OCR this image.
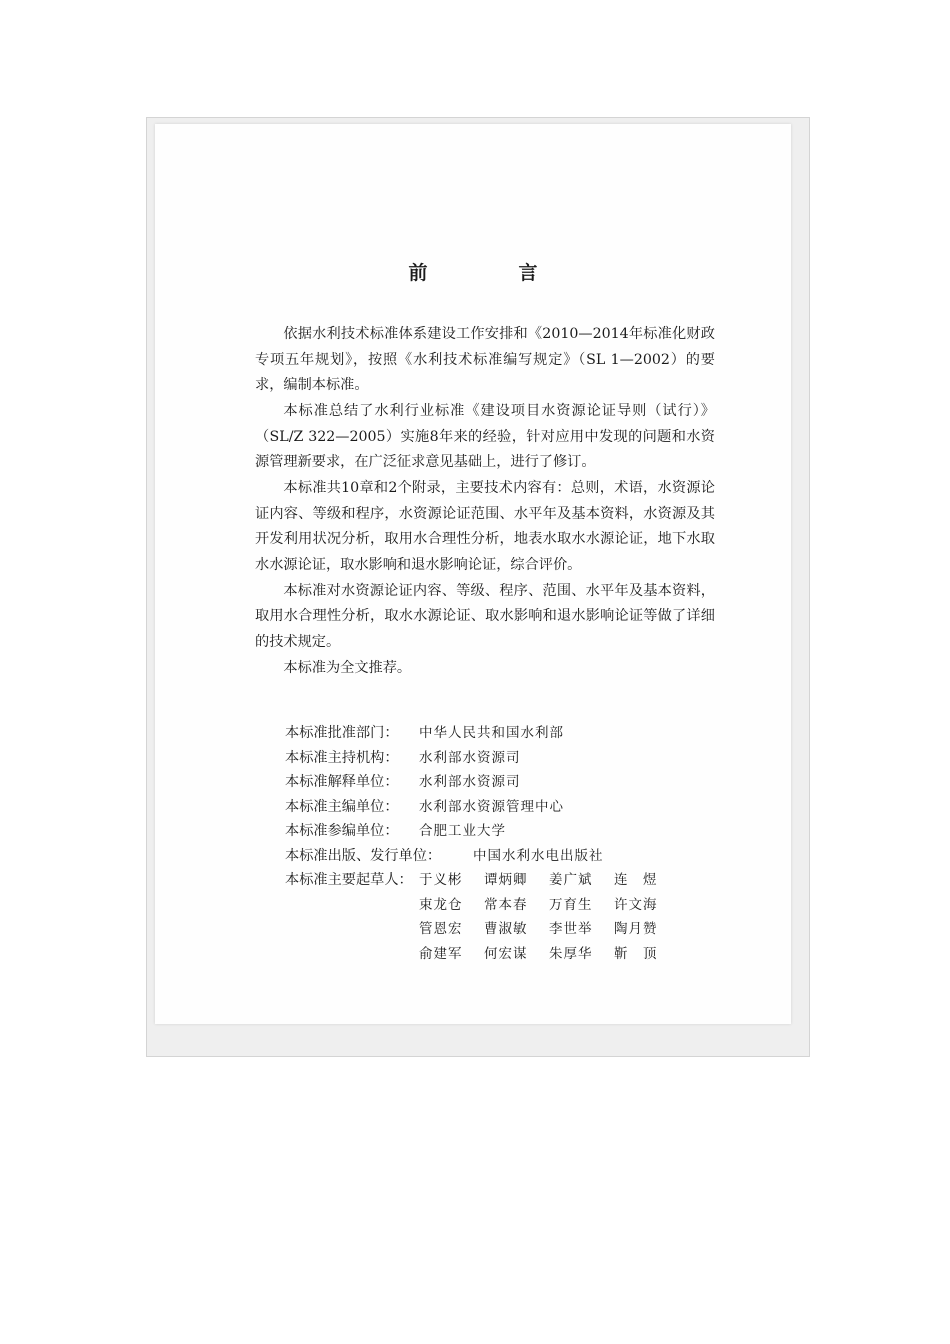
前　言

依据水利技术标准体系建设工作安排和《2010—2014年标准化财政专项五年规划》，按照《水利技术标准编写规定》（SL 1—2002）的要求，编制本标准。

本标准总结了水利行业标准《建设项目水资源论证导则（试行）》（SL/Z 322—2005）实施8年来的经验，针对应用中发现的问题和水资源管理新要求，在广泛征求意见基础上，进行了修订。

本标准共10章和2个附录，主要技术内容有：总则，术语，水资源论证内容、等级和程序，水资源论证范围、水平年及基本资料，水资源及其开发利用状况分析，取用水合理性分析，地表水取水水源论证，地下水取水水源论证，取水影响和退水影响论证，综合评价。

本标准对水资源论证内容、等级、程序、范围、水平年及基本资料，取用水合理性分析，取水水源论证、取水影响和退水影响论证等做了详细的技术规定。

本标准为全文推荐。

本标准批准部门：	中华人民共和国水利部
本标准主持机构：	水利部水资源司
本标准解释单位：	水利部水资源司
本标准主编单位：	水利部水资源管理中心
本标准参编单位：	合肥工业大学
本标准出版、发行单位：	中国水利水电出版社
本标准主要起草人： 于义彬	谭炳卿	姜广斌	连　煜
束龙仓	常本春	万育生	许文海
管恩宏	曹淑敏	李世举	陶月赞
俞建军	何宏谋	朱厚华	靳　顶
